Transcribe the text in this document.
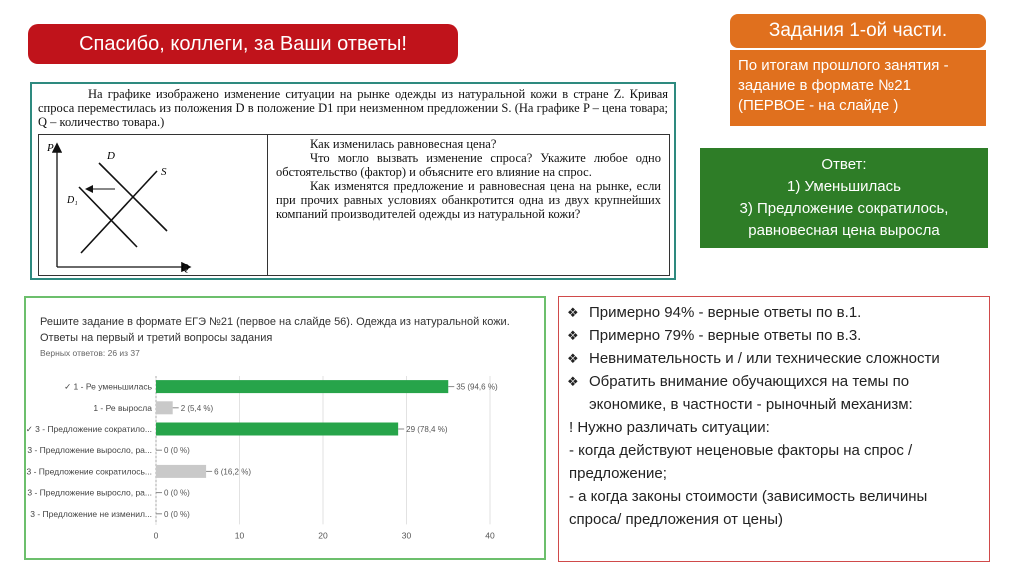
Спасибо, коллеги, за Ваши ответы!
Задания 1-ой части.
По итогам прошлого занятия - задание в формате №21 (ПЕРВОЕ - на слайде )
Ответ:
1) Уменьшилась
3) Предложение сократилось, равновесная цена выросла
На графике изображено изменение ситуации на рынке одежды из натуральной кожи в стране Z. Кривая спроса переместилась из положения D в положение D1 при неизменном предложении S. (На графике P – цена товара; Q – количество товара.)
P
Q
D
D₁
S

Как изменилась равновесная цена?

Что могло вызвать изменение спроса? Укажите любое одно обстоятельство (фактор) и объясните его влияние на спрос.

Как изменятся предложение и равновесная цена на рынке, если при прочих равных условиях обанкротится одна из двух крупнейших компаний производителей одежды из натуральной кожи?

Решите задание в формате ЕГЭ №21 (первое на слайде 56). Одежда из натуральной кожи. Ответы на первый и третий вопросы задания
Верных ответов: 26 из 37
0	10	20	30	40
✓ 1 - Ре уменьшилась	35 (94,6 %)
1 - Ре выросла	2 (5,4 %)
✓ 3 - Предложение сократило...	29 (78,4 %)
3 - Предложение выросло, ра... 0 (0 %)
3 - Предложение сократилось...	6 (16,2 %)
3 - Предложение выросло, ра... 0 (0 %)
3 - Предложение не изменил... 0 (0 %)
❖ Примерно 94% - верные ответы по в.1.
❖ Примерно 79% - верные ответы по в.3.
❖ Невнимательность и / или технические сложности
❖ Обратить внимание обучающихся на темы по экономике, в частности - рыночный механизм:
! Нужно различать ситуации:
- когда действуют неценовые факторы на спрос / предложение;
- а когда законы стоимости (зависимость величины спроса/ предложения от цены)
